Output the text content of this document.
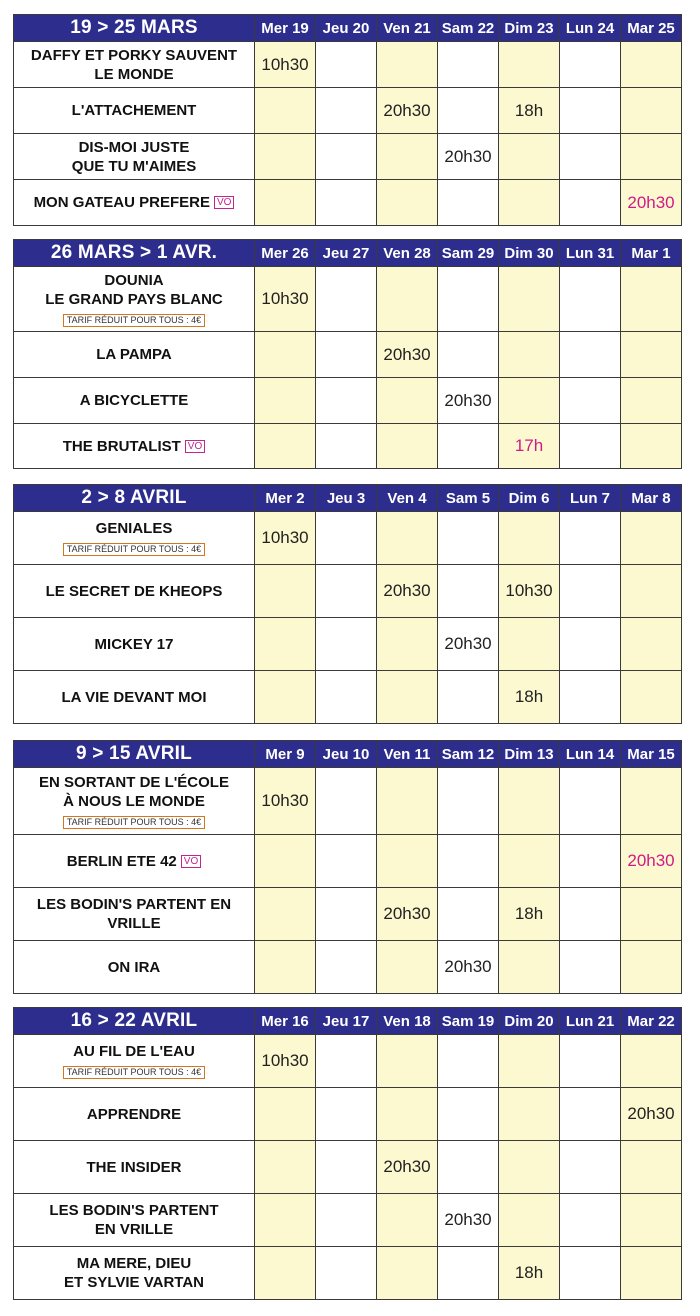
19 > 25 MARS	Mer 19	Jeu 20	Ven 21	Sam 22	Dim 23	Lun 24	Mar 25

DAFFY ET PORKY SAUVENT
LE MONDE	10h30						

L'ATTACHEMENT			20h30		18h		

DIS-MOI JUSTE
QUE TU M'AIMES				20h30			

MON GATEAU PREFERE VO							20h30
26 MARS > 1 AVR.	Mer 26	Jeu 27	Ven 28	Sam 29	Dim 30	Lun 31	Mar 1

DOUNIA
LE GRAND PAYS BLANC
TARIF RÉDUIT POUR TOUS : 4€	10h30						

LA PAMPA			20h30				

A BICYCLETTE				20h30			

THE BRUTALIST VO					17h		
2 > 8 AVRIL	Mer 2	Jeu 3	Ven 4	Sam 5	Dim 6	Lun 7	Mar 8

GENIALES
TARIF RÉDUIT POUR TOUS : 4€	10h30						

LE SECRET DE KHEOPS			20h30		10h30		

MICKEY 17				20h30			

LA VIE DEVANT MOI					18h		
9 > 15 AVRIL	Mer 9	Jeu 10	Ven 11	Sam 12	Dim 13	Lun 14	Mar 15

EN SORTANT DE L'ÉCOLE
À NOUS LE MONDE
TARIF RÉDUIT POUR TOUS : 4€	10h30						

BERLIN ETE 42 VO							20h30

LES BODIN'S PARTENT EN
VRILLE			20h30		18h		

ON IRA				20h30			
16 > 22 AVRIL	Mer 16	Jeu 17	Ven 18	Sam 19	Dim 20	Lun 21	Mar 22

AU FIL DE L'EAU
TARIF RÉDUIT POUR TOUS : 4€	10h30						

APPRENDRE							20h30

THE INSIDER			20h30				

LES BODIN'S PARTENT
EN VRILLE				20h30			

MA MERE, DIEU
ET SYLVIE VARTAN					18h		
